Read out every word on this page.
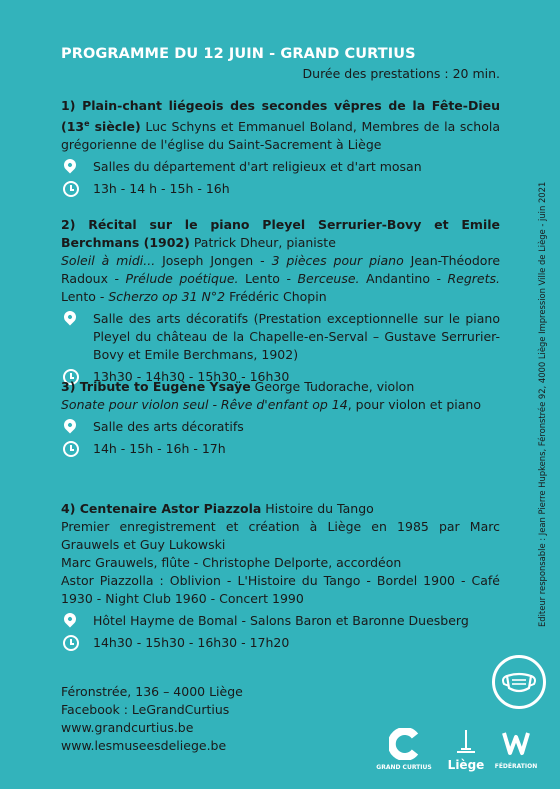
PROGRAMME DU 12 JUIN - GRAND CURTIUS
Durée des prestations : 20 min.
1) Plain-chant liégeois des secondes vêpres de la Fête-Dieu (13e siècle) Luc Schyns et Emmanuel Boland, Membres de la schola grégorienne de l'église du Saint-Sacrement à Liège
Salles du département d'art religieux et d'art mosan
13h - 14 h - 15h - 16h
2) Récital sur le piano Pleyel Serrurier-Bovy et Emile Berchmans (1902) Patrick Dheur, pianiste
Soleil à midi... Joseph Jongen - 3 pièces pour piano Jean-Théodore Radoux - Prélude poétique. Lento - Berceuse. Andantino - Regrets. Lento - Scherzo op 31 N°2 Frédéric Chopin
Salle des arts décoratifs (Prestation exceptionnelle sur le piano Pleyel du château de la Chapelle-en-Serval – Gustave Serrurier-Bovy et Emile Berchmans, 1902)
13h30 - 14h30 - 15h30 - 16h30
3) Tribute to Eugène Ysaÿe George Tudorache, violon
Sonate pour violon seul - Rêve d'enfant op 14, pour violon et piano
Salle des arts décoratifs
14h - 15h - 16h - 17h
4) Centenaire Astor Piazzola Histoire du Tango
Premier enregistrement et création à Liège en 1985 par Marc Grauwels et Guy Lukowski
Marc Grauwels, flûte - Christophe Delporte, accordéon
Astor Piazzolla : Oblivion - L'Histoire du Tango - Bordel 1900 - Café 1930 - Night Club 1960 - Concert 1990
Hôtel Hayme de Bomal - Salons Baron et Baronne Duesberg
14h30 - 15h30 - 16h30 - 17h20
Féronstrée, 136 – 4000 Liège
Facebook : LeGrandCurtius
www.grandcurtius.be
www.lesmuseesdeliege.be
Editeur responsable : Jean Pierre Hupkens, Féronstrée 92, 4000 Liège Impression Ville de Liège - juin 2021
GRAND CURTIUS Liège FÉDÉRATION
